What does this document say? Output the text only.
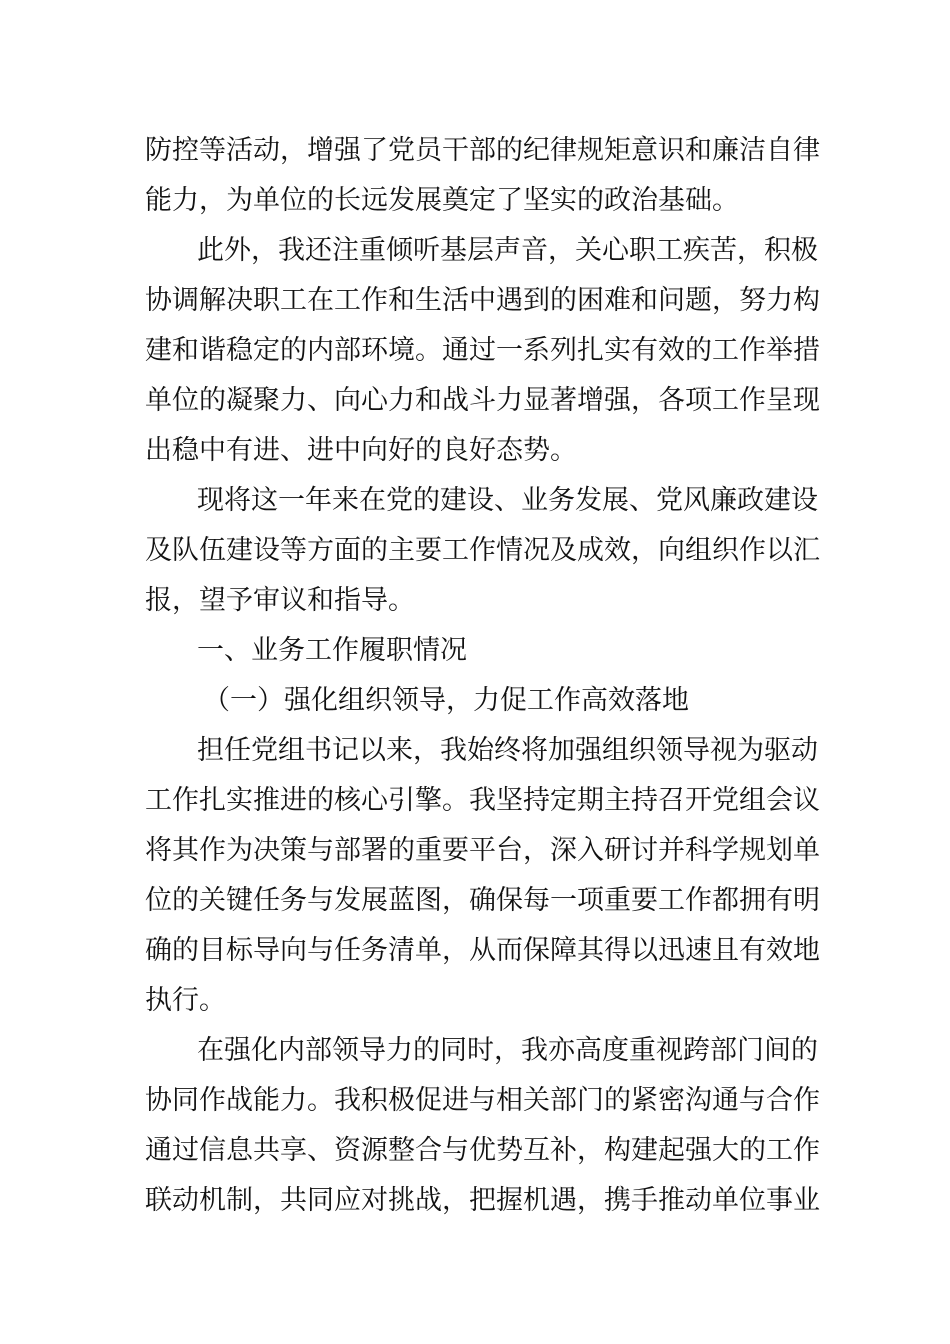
防控等活动，增强了党员干部的纪律规矩意识和廉洁自律
能力，为单位的长远发展奠定了坚实的政治基础。
此外，我还注重倾听基层声音，关心职工疾苦，积极
协调解决职工在工作和生活中遇到的困难和问题，努力构
建和谐稳定的内部环境。通过一系列扎实有效的工作举措
单位的凝聚力、向心力和战斗力显著增强，各项工作呈现
出稳中有进、进中向好的良好态势。
现将这一年来在党的建设、业务发展、党风廉政建设
及队伍建设等方面的主要工作情况及成效，向组织作以汇
报，望予审议和指导。
一、业务工作履职情况
（一）强化组织领导，力促工作高效落地
担任党组书记以来，我始终将加强组织领导视为驱动
工作扎实推进的核心引擎。我坚持定期主持召开党组会议
将其作为决策与部署的重要平台，深入研讨并科学规划单
位的关键任务与发展蓝图，确保每一项重要工作都拥有明
确的目标导向与任务清单，从而保障其得以迅速且有效地
执行。
在强化内部领导力的同时，我亦高度重视跨部门间的
协同作战能力。我积极促进与相关部门的紧密沟通与合作
通过信息共享、资源整合与优势互补，构建起强大的工作
联动机制，共同应对挑战，把握机遇，携手推动单位事业
